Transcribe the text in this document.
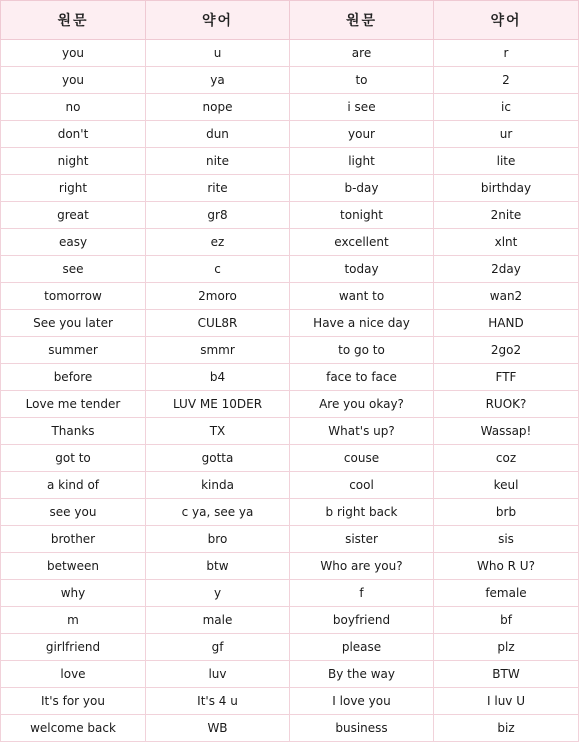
원문	약어	원문	약어
you	u	are	r
you	ya	to	2
no	nope	i see	ic
don't	dun	your	ur
night	nite	light	lite
right	rite	b-day	birthday
great	gr8	tonight	2nite
easy	ez	excellent	xlnt
see	c	today	2day
tomorrow	2moro	want to	wan2
See you later	CUL8R	Have a nice day	HAND
summer	smmr	to go to	2go2
before	b4	face to face	FTF
Love me tender	LUV ME 10DER	Are you okay?	RUOK?
Thanks	TX	What's up?	Wassap!
got to	gotta	couse	coz
a kind of	kinda	cool	keul
see you	c ya, see ya	b right back	brb
brother	bro	sister	sis
between	btw	Who are you?	Who R U?
why	y	f	female
m	male	boyfriend	bf
girlfriend	gf	please	plz
love	luv	By the way	BTW
It's for you	It's 4 u	I love you	I luv U
welcome back	WB	business	biz
